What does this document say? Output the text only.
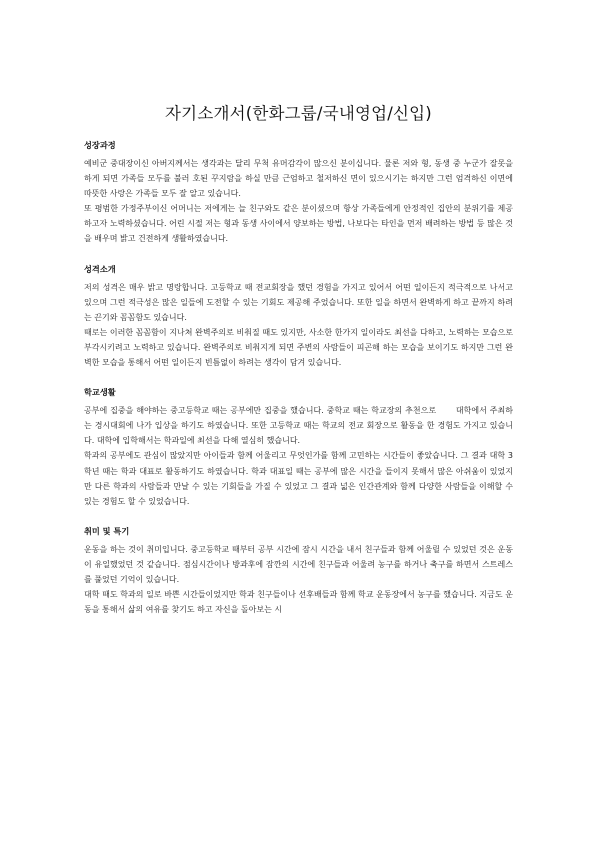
자기소개서(한화그룹/국내영업/신입)
성장과정

예비군 중대장이신 아버지께서는 생각과는 달리 무척 유머감각이 많으신 분이십니다. 물론 저와 형, 동생 중 누군가 잘못을 하게 되면 가족들 모두를 불러 호된 꾸지람을 하실 만큼 근엄하고 철저하신 면이 있으시기는 하지만 그런 엄격하신 이면에 따뜻한 사랑은 가족들 모두 잘 알고 있습니다.

또 평범한 가정주부이신 어머니는 저에게는 늘 친구와도 같은 분이셨으며 항상 가족들에게 안정적인 집안의 분위기를 제공하고자 노력하셨습니다. 어린 시절 저는 형과 동생 사이에서 양보하는 방법, 나보다는 타인을 먼저 배려하는 방법 등 많은 것을 배우며 밝고 건전하게 생활하였습니다.

성격소개

저의 성격은 매우 밝고 명랑합니다. 고등학교 때 전교회장을 했던 경험을 가지고 있어서 어떤 일이든지 적극적으로 나서고 있으며 그런 적극성은 많은 일들에 도전할 수 있는 기회도 제공해 주었습니다. 또한 일을 하면서 완벽하게 하고 끝까지 하려는 끈기와 꼼꼼함도 있습니다.

때로는 이러한 꼼꼼함이 지나쳐 완벽주의로 비춰질 때도 있지만, 사소한 한가지 일이라도 최선을 다하고, 노력하는 모습으로 부각시키려고 노력하고 있습니다. 완벽주의로 비춰지게 되면 주변의 사람들이 피곤해 하는 모습을 보이기도 하지만 그런 완벽한 모습을 통해서 어떤 일이든지 빈틈없이 하려는 생각이 담겨 있습니다.

학교생활

공부에 집중을 해야하는 중고등학교 때는 공부에만 집중을 했습니다. 중학교 때는 학교장의 추천으로 　　대학에서 주최하는 경시대회에 나가 입상을 하기도 하였습니다. 또한 고등학교 때는 학교의 전교 회장으로 활동을 한 경험도 가지고 있습니다. 대학에 입학해서는 학과일에 최선을 다해 열심히 했습니다.

학과의 공부에도 관심이 많았지만 아이들과 함께 어울리고 무엇인가를 함께 고민하는 시간들이 좋았습니다. 그 결과 대학 3학년 때는 학과 대표로 활동하기도 하였습니다. 학과 대표일 때는 공부에 많은 시간을 들이지 못해서 많은 아쉬움이 있었지만 다른 학과의 사람들과 만날 수 있는 기회들을 가질 수 있었고 그 결과 넓은 인간관계와 함께 다양한 사람들을 이해할 수 있는 경험도 할 수 있었습니다.

취미 및 특기

운동을 하는 것이 취미입니다. 중고등학교 때부터 공부 시간에 잠시 시간을 내서 친구들과 함께 어울릴 수 있었던 것은 운동이 유일했었던 것 같습니다. 점심시간이나 방과후에 잠깐의 시간에 친구들과 어울려 농구를 하거나 축구를 하면서 스트레스를 풀었던 기억이 있습니다.

대학 때도 학과의 일로 바쁜 시간들이었지만 학과 친구들이나 선후배들과 함께 학교 운동장에서 농구를 했습니다. 지금도 운동을 통해서 삶의 여유를 찾기도 하고 자신을 돌아보는 시
